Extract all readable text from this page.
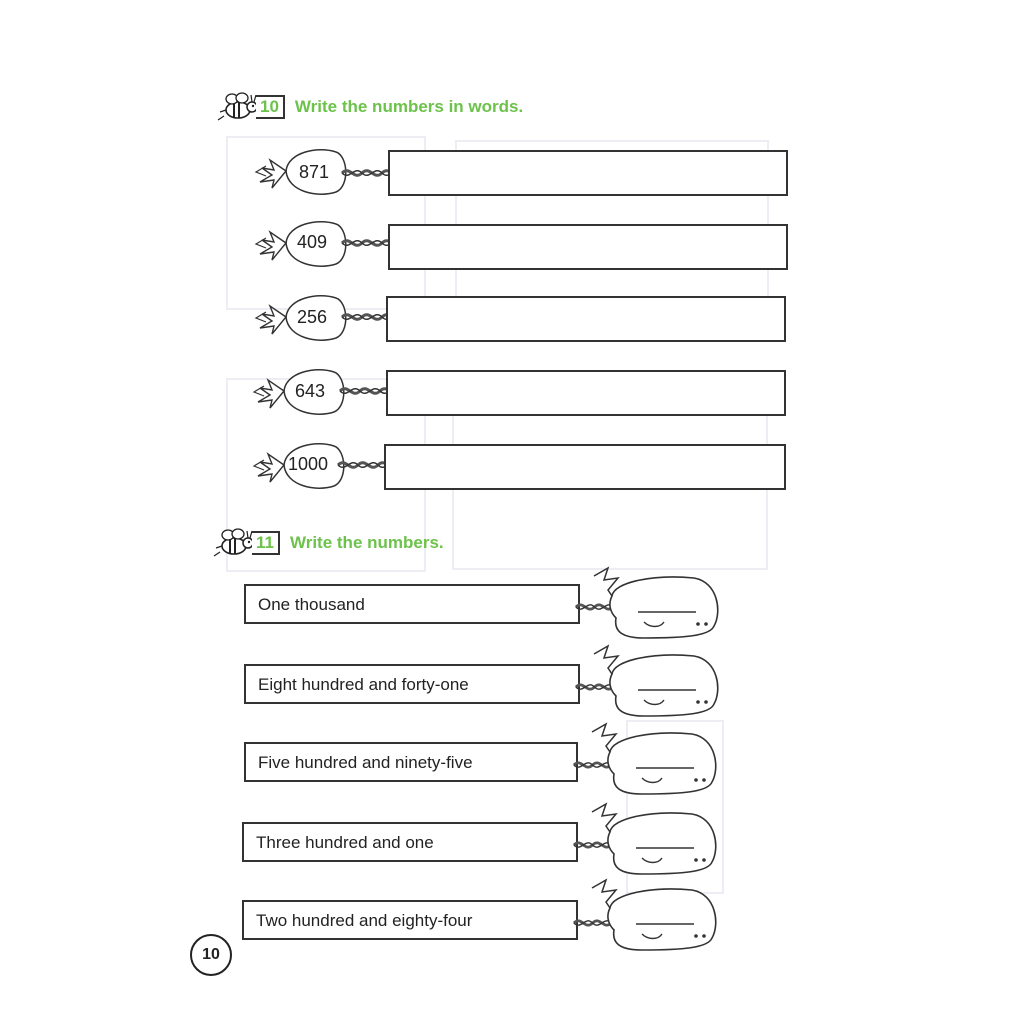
10 Write the numbers in words.
871
409
256
643
1000
11 Write the numbers.
One thousand
Eight hundred and forty-one
Five hundred and ninety-five
Three hundred and one
Two hundred and eighty-four
10
